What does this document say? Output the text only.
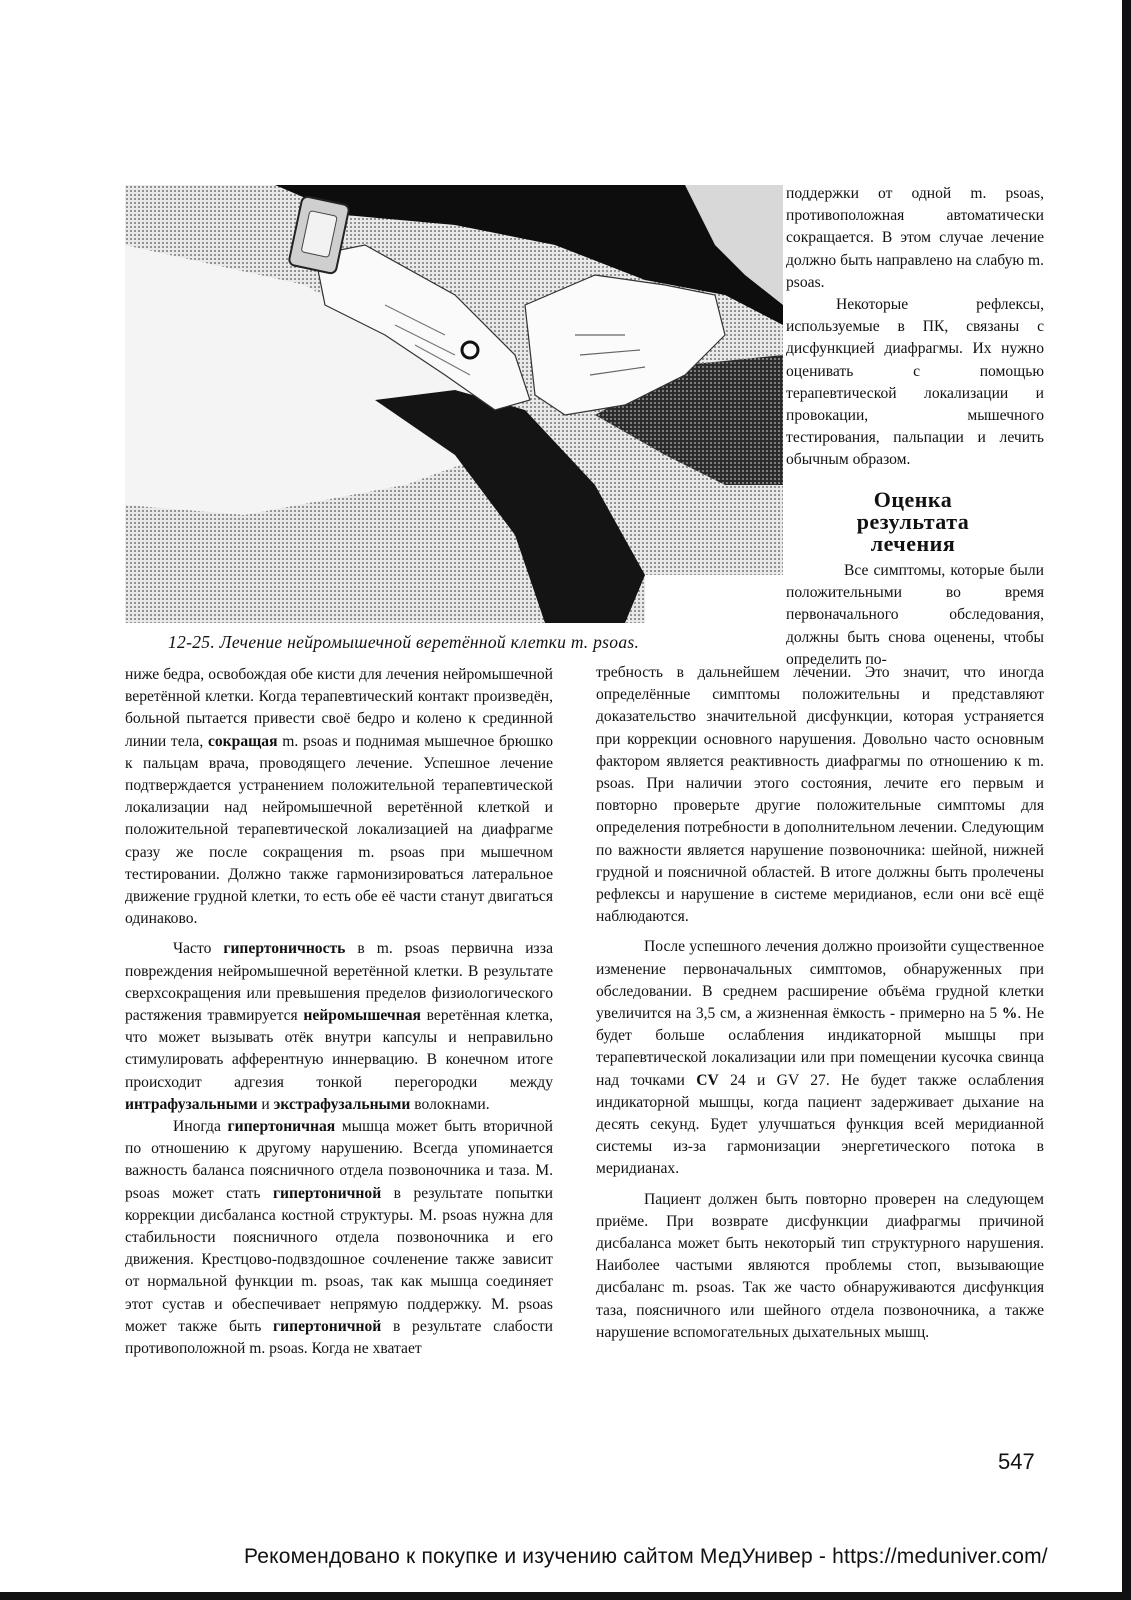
12-25. Лечение нейромышечной веретённой клетки m. psoas.

поддержки от одной m. psoas, противоположная автоматически сокращается. В этом случае лечение должно быть направлено на слабую m. psoas.

Некоторые рефлексы, используемые в ПК, связаны с дисфункцией диафрагмы. Их нужно оценивать с помощью терапевтической локализации и провокации, мышечного тестирования, пальпации и лечить обычным образом.

Оценка результата лечения
Все симптомы, которые были положительными во время первоначального обследования, должны быть снова оценены, чтобы определить по-

ниже бедра, освобождая обе кисти для лечения нейромышечной веретённой клетки. Когда терапевтический контакт произведён, больной пытается привести своё бедро и колено к срединной линии тела, сокращая m. psoas и поднимая мышечное брюшко к пальцам врача, проводящего лечение. Успешное лечение подтверждается устранением положительной терапевтической локализации над нейромышечной веретённой клеткой и положительной терапевтической локализацией на диафрагме сразу же после сокращения m. psoas при мышечном тестировании. Должно также гармонизироваться латеральное движение грудной клетки, то есть обе её части станут двигаться одинаково.

Часто гипертоничность в m. psoas первична изза повреждения нейромышечной веретённой клетки. В результате сверхсокращения или превышения пределов физиологического растяжения травмируется нейромышечная веретённая клетка, что может вызывать отёк внутри капсулы и неправильно стимулировать афферентную иннервацию. В конечном итоге происходит адгезия тонкой перегородки между интрафузальными и экстрафузальными волокнами.

Иногда гипертоничная мышца может быть вторичной по отношению к другому нарушению. Всегда упоминается важность баланса поясничного отдела позвоночника и таза. M. psoas может стать гипертоничной в результате попытки коррекции дисбаланса костной структуры. M. psoas нужна для стабильности поясничного отдела позвоночника и его движения. Крестцово-подвздошное сочленение также зависит от нормальной функции m. psoas, так как мышца соединяет этот сустав и обеспечивает непрямую поддержку. M. psoas может также быть гипертоничной в результате слабости противоположной m. psoas. Когда не хватает

требность в дальнейшем лечении. Это значит, что иногда определённые симптомы положительны и представляют доказательство значительной дисфункции, которая устраняется при коррекции основного нарушения. Довольно часто основным фактором является реактивность диафрагмы по отношению к m. psoas. При наличии этого состояния, лечите его первым и повторно проверьте другие положительные симптомы для определения потребности в дополнительном лечении. Следующим по важности является нарушение позвоночника: шейной, нижней грудной и поясничной областей. В итоге должны быть пролечены рефлексы и нарушение в системе меридианов, если они всё ещё наблюдаются.

После успешного лечения должно произойти существенное изменение первоначальных симптомов, обнаруженных при обследовании. В среднем расширение объёма грудной клетки увеличится на 3,5 см, а жизненная ёмкость - примерно на 5 %. Не будет больше ослабления индикаторной мышцы при терапевтической локализации или при помещении кусочка свинца над точками CV 24 и GV 27. Не будет также ослабления индикаторной мышцы, когда пациент задерживает дыхание на десять секунд. Будет улучшаться функция всей меридианной системы из-за гармонизации энергетического потока в меридианах.

Пациент должен быть повторно проверен на следующем приёме. При возврате дисфункции диафрагмы причиной дисбаланса может быть некоторый тип структурного нарушения. Наиболее частыми являются проблемы стоп, вызывающие дисбаланс m. psoas. Так же часто обнаруживаются дисфункция таза, поясничного или шейного отдела позвоночника, а также нарушение вспомогательных дыхательных мышц.

547
Рекомендовано к покупке и изучению сайтом МедУнивер - https://meduniver.com/
